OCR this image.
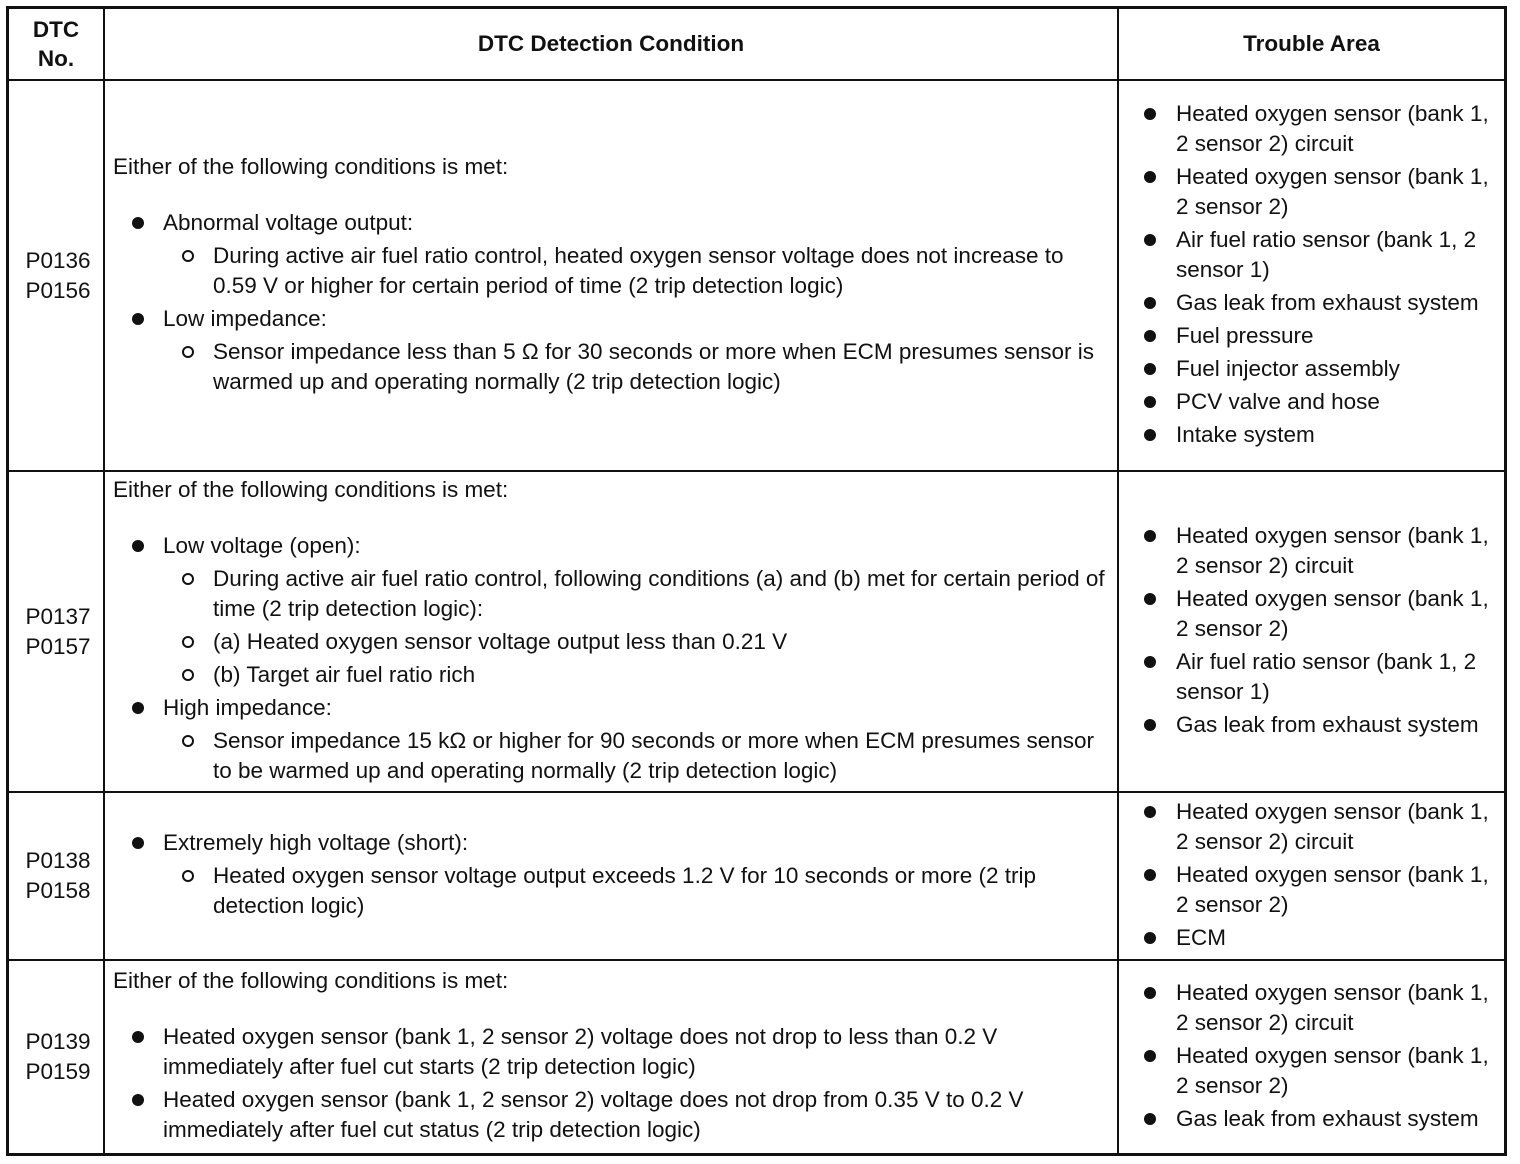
DTC No.
DTC Detection Condition	Trouble Area
P0136
P0156
Either of the following conditions is met:
Abnormal voltage output:
During active air fuel ratio control, heated oxygen sensor voltage does not increase to 0.59 V or higher for certain period of time (2 trip detection logic)
Low impedance:
Sensor impedance less than 5 Ω for 30 seconds or more when ECM presumes sensor is warmed up and operating normally (2 trip detection logic)
Heated oxygen sensor (bank 1, 2 sensor 2) circuit
Heated oxygen sensor (bank 1, 2 sensor 2)
Air fuel ratio sensor (bank 1, 2 sensor 1)
Gas leak from exhaust system
Fuel pressure
Fuel injector assembly
PCV valve and hose
Intake system
P0137
P0157
Either of the following conditions is met:
Low voltage (open):
During active air fuel ratio control, following conditions (a) and (b) met for certain period of time (2 trip detection logic):
(a) Heated oxygen sensor voltage output less than 0.21 V
(b) Target air fuel ratio rich
High impedance:
Sensor impedance 15 kΩ or higher for 90 seconds or more when ECM presumes sensor to be warmed up and operating normally (2 trip detection logic)
Heated oxygen sensor (bank 1, 2 sensor 2) circuit
Heated oxygen sensor (bank 1, 2 sensor 2)
Air fuel ratio sensor (bank 1, 2 sensor 1)
Gas leak from exhaust system
P0138
P0158
Extremely high voltage (short):
Heated oxygen sensor voltage output exceeds 1.2 V for 10 seconds or more (2 trip detection logic)
Heated oxygen sensor (bank 1, 2 sensor 2) circuit
Heated oxygen sensor (bank 1, 2 sensor 2)
ECM
P0139
P0159
Either of the following conditions is met:
Heated oxygen sensor (bank 1, 2 sensor 2) voltage does not drop to less than 0.2 V immediately after fuel cut starts (2 trip detection logic)
Heated oxygen sensor (bank 1, 2 sensor 2) voltage does not drop from 0.35 V to 0.2 V immediately after fuel cut status (2 trip detection logic)
Heated oxygen sensor (bank 1, 2 sensor 2) circuit
Heated oxygen sensor (bank 1, 2 sensor 2)
Gas leak from exhaust system
